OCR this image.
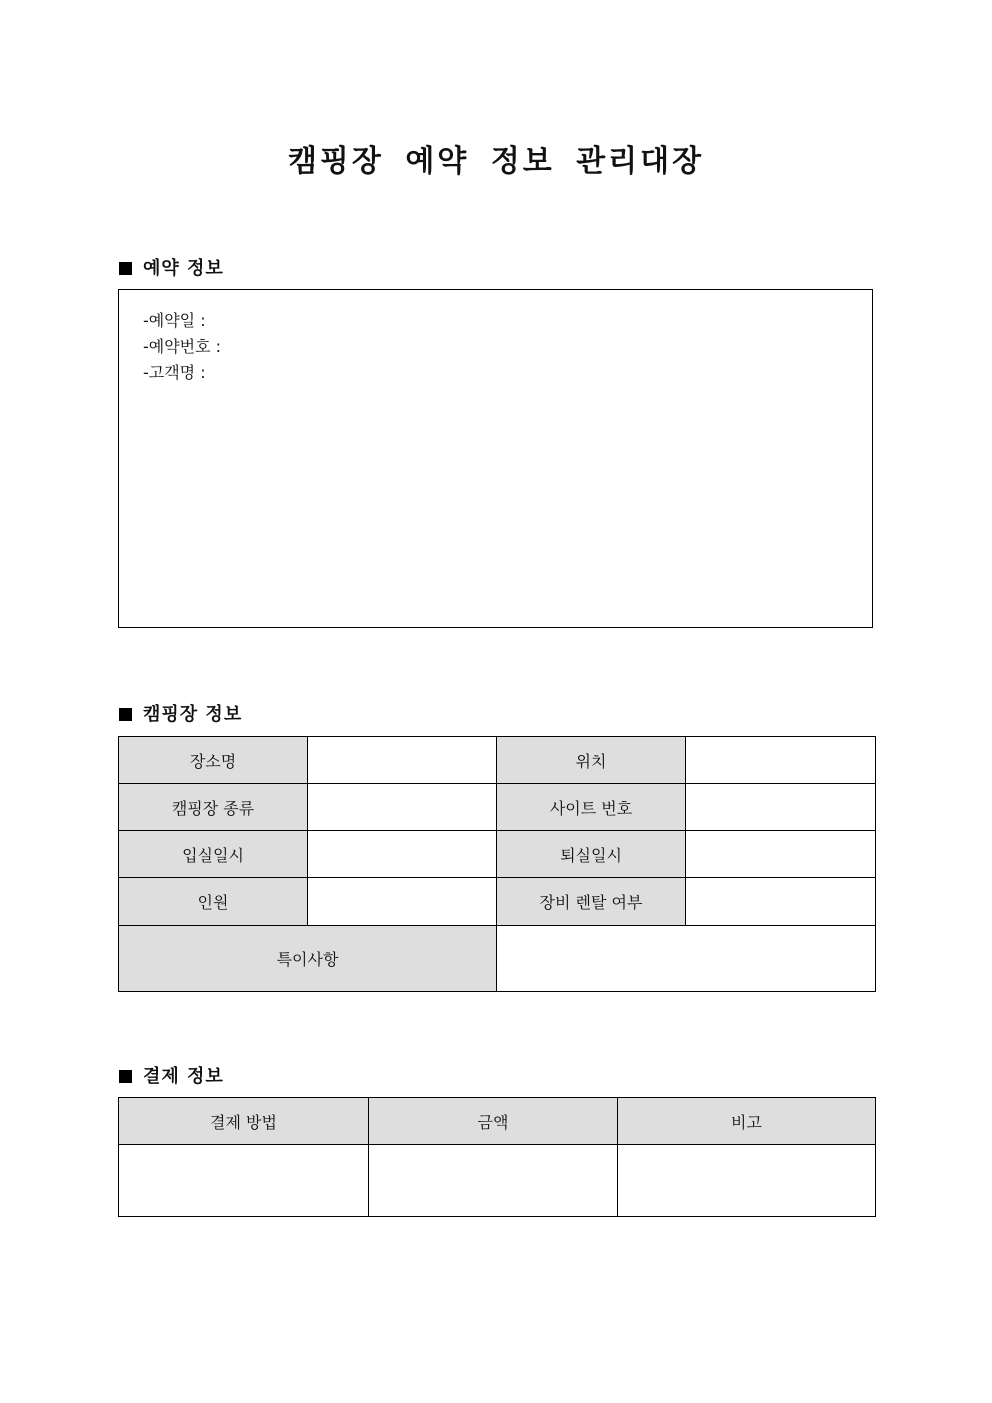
캠핑장 예약 정보 관리대장
예약 정보
-예약일 :
-예약번호 :
-고객명 :
캠핑장 정보
장소명		위치	
캠핑장 종류		사이트 번호	
입실일시		퇴실일시	
인원		장비 렌탈 여부	
특이사항			
결제 정보
결제 방법	금액	비고
